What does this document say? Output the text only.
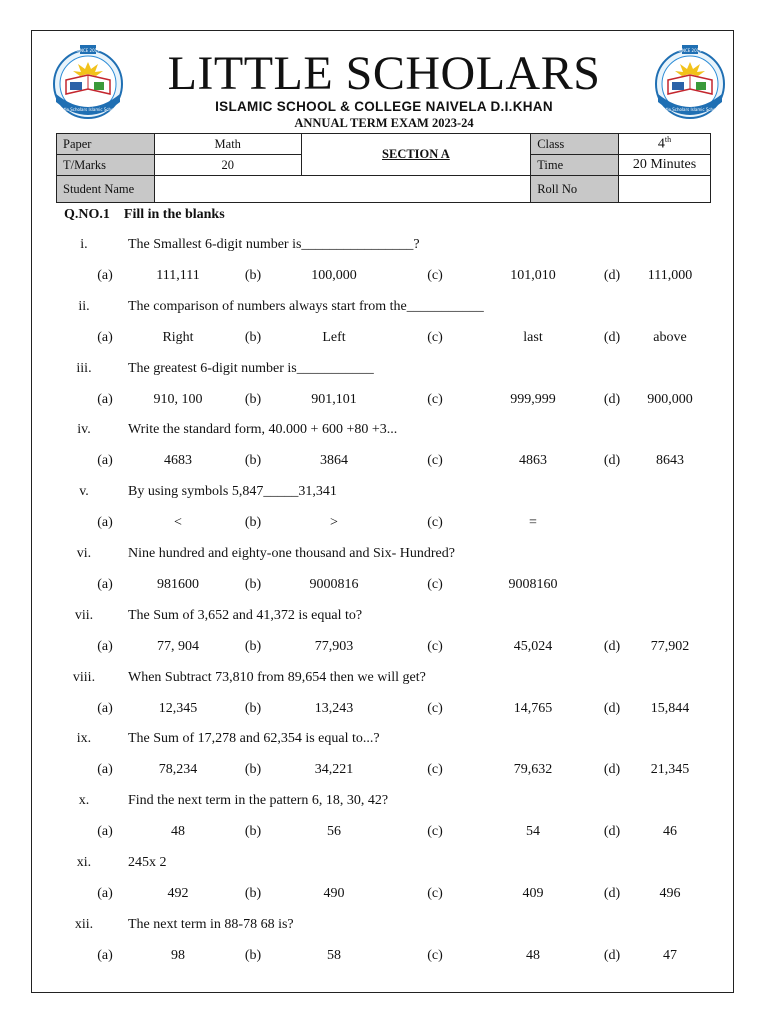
SINCE 2019
Little Scholars Islamic School
SINCE 2019
Little Scholars Islamic School
LITTLE SCHOLARS
ISLAMIC SCHOOL & COLLEGE NAIVELA D.I.KHAN
ANNUAL TERM EXAM 2023-24
Paper	Math	SECTION A	Class	4th
T/Marks	20		Time	20 Minutes
Student Name			Roll No	
Q.NO.1 Fill in the blanks
i.	The Smallest 6-digit number is________________?
(a)	111,111	(b)	100,000	(c)	101,010	(d)	111,000
ii.	The comparison of numbers always start from the___________
(a)	Right	(b)	Left	(c)	last	(d)	above
iii.	The greatest 6-digit number is___________
(a)	910, 100	(b)	901,101	(c)	999,999	(d)	900,000
iv.	Write the standard form, 40.000 + 600 +80 +3...
(a)	4683	(b)	3864	(c)	4863	(d)	8643
v.	By using symbols 5,847_____31,341
(a)	<	(b)	>	(c)	=
vi.	Nine hundred and eighty-one thousand and Six- Hundred?
(a)	981600	(b)	9000816	(c)	9008160
vii.	The Sum of 3,652 and 41,372 is equal to?
(a)	77, 904	(b)	77,903	(c)	45,024	(d)	77,902
viii.	When Subtract 73,810 from 89,654 then we will get?
(a)	12,345	(b)	13,243	(c)	14,765	(d)	15,844
ix.	The Sum of 17,278 and 62,354 is equal to...?
(a)	78,234	(b)	34,221	(c)	79,632	(d)	21,345
x.	Find the next term in the pattern 6, 18, 30, 42?
(a)	48	(b)	56	(c)	54	(d)	46
xi.	245x 2
(a)	492	(b)	490	(c)	409	(d)	496
xii.	The next term in 88-78 68 is?
(a)	98	(b)	58	(c)	48	(d)	47
